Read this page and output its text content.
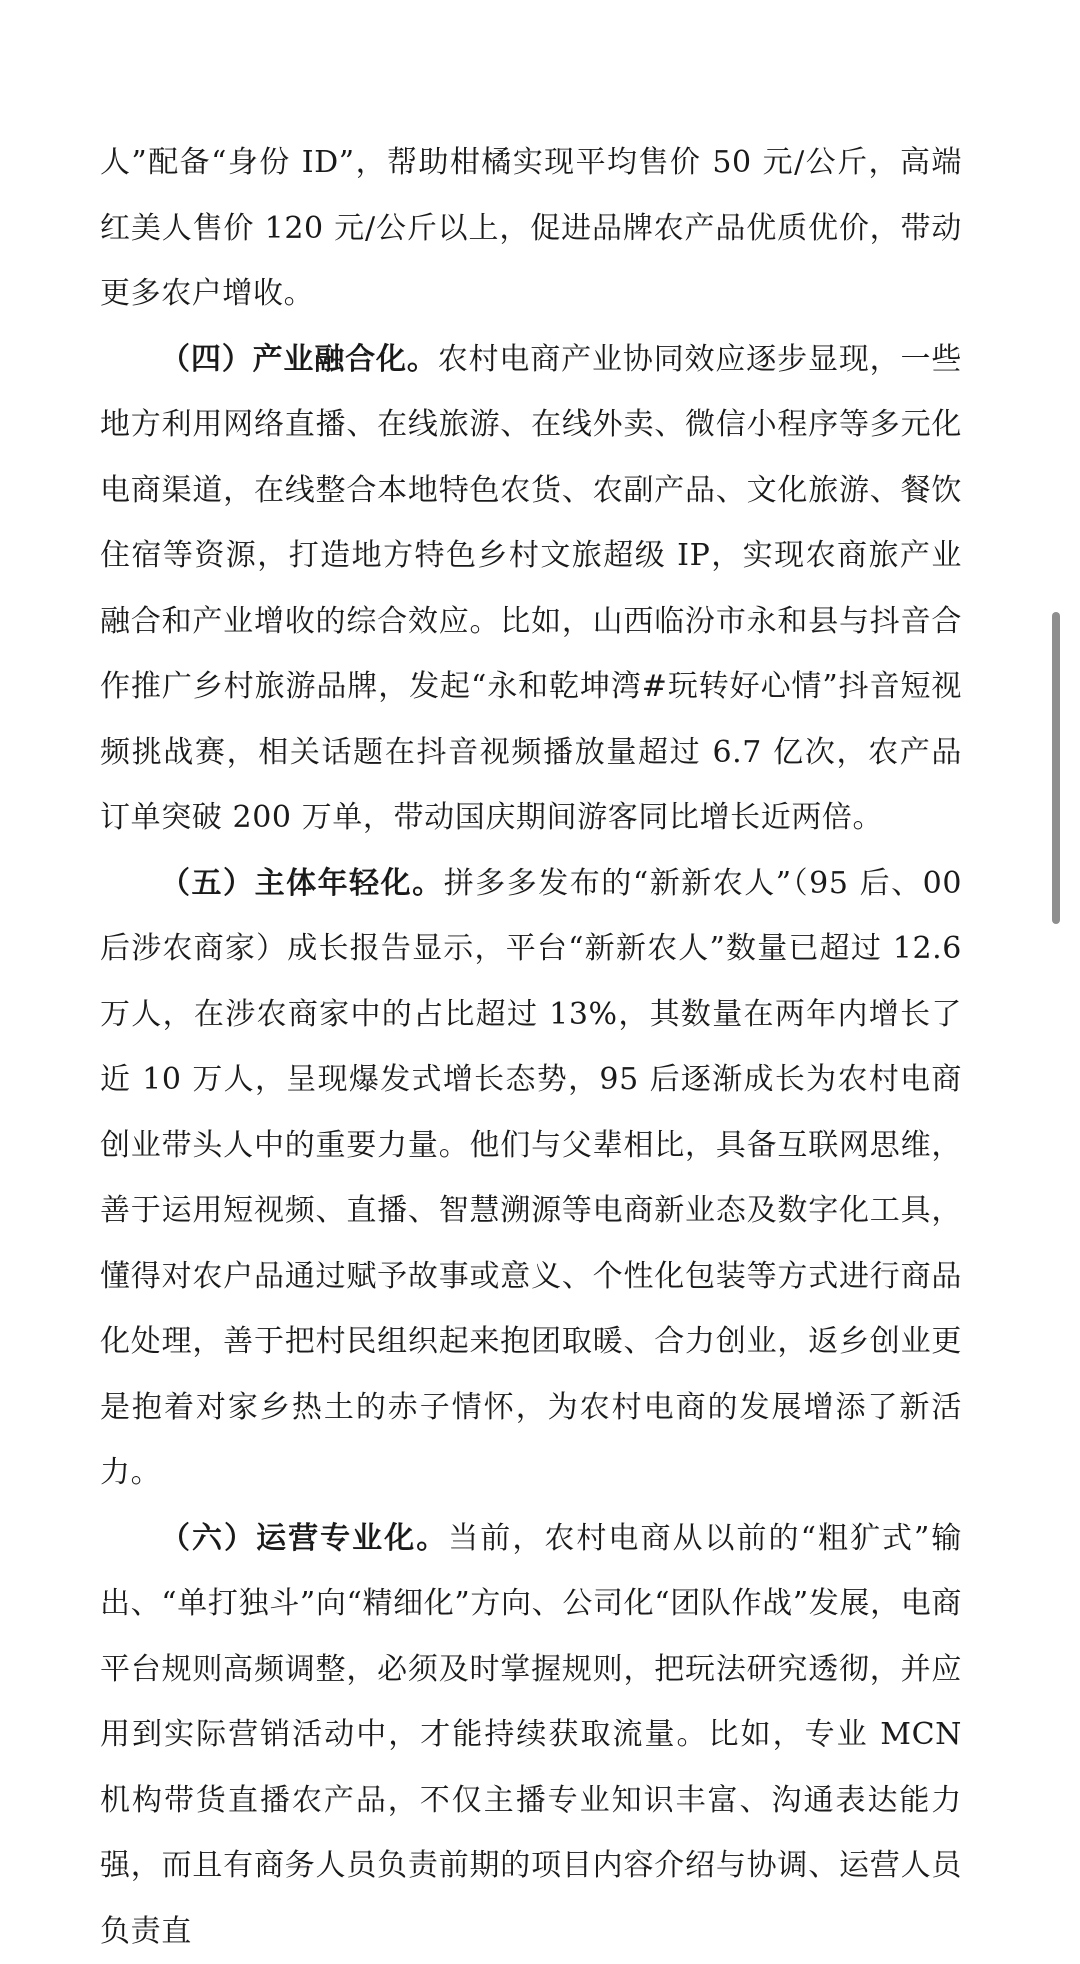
人”配备“身份 ID”，帮助柑橘实现平均售价 50 元/公斤，高端红美人售价 120 元/公斤以上，促进品牌农产品优质优价，带动更多农户增收。

（四）产业融合化。农村电商产业协同效应逐步显现，一些地方利用网络直播、在线旅游、在线外卖、微信小程序等多元化电商渠道，在线整合本地特色农货、农副产品、文化旅游、餐饮住宿等资源，打造地方特色乡村文旅超级 IP，实现农商旅产业融合和产业增收的综合效应。比如，山西临汾市永和县与抖音合作推广乡村旅游品牌，发起“永和乾坤湾#玩转好心情”抖音短视频挑战赛，相关话题在抖音视频播放量超过 6.7 亿次，农产品订单突破 200 万单，带动国庆期间游客同比增长近两倍。

（五）主体年轻化。拼多多发布的“新新农人”（95 后、00 后涉农商家）成长报告显示，平台“新新农人”数量已超过 12.6 万人，在涉农商家中的占比超过 13%，其数量在两年内增长了近 10 万人，呈现爆发式增长态势，95 后逐渐成长为农村电商创业带头人中的重要力量。他们与父辈相比，具备互联网思维，善于运用短视频、直播、智慧溯源等电商新业态及数字化工具，懂得对农户品通过赋予故事或意义、个性化包装等方式进行商品化处理，善于把村民组织起来抱团取暖、合力创业，返乡创业更是抱着对家乡热土的赤子情怀，为农村电商的发展增添了新活力。

（六）运营专业化。当前，农村电商从以前的“粗犷式”输出、“单打独斗”向“精细化”方向、公司化“团队作战”发展，电商平台规则高频调整，必须及时掌握规则，把玩法研究透彻，并应用到实际营销活动中，才能持续获取流量。比如，专业 MCN 机构带货直播农产品，不仅主播专业知识丰富、沟通表达能力强，而且有商务人员负责前期的项目内容介绍与协调、运营人员负责直
